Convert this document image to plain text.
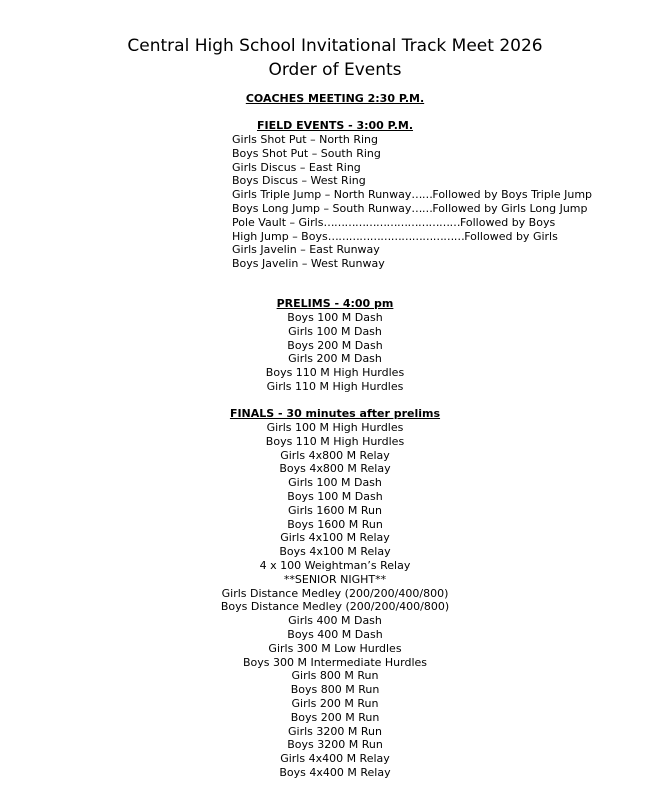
Central High School Invitational Track Meet 2026
Order of Events
COACHES MEETING 2:30 P.M.
FIELD EVENTS - 3:00 P.M.
Girls Shot Put – North Ring
Boys Shot Put – South Ring
Girls Discus – East Ring
Boys Discus – West Ring
Girls Triple Jump – North Runway……Followed by Boys Triple Jump
Boys Long Jump – South Runway……Followed by Girls Long Jump
Pole Vault – Girls…………………………………Followed by Boys
High Jump – Boys…………………………………Followed by Girls
Girls Javelin – East Runway
Boys Javelin – West Runway
PRELIMS - 4:00 pm
Boys 100 M Dash
Girls 100 M Dash
Boys 200 M Dash
Girls 200 M Dash
Boys 110 M High Hurdles
Girls 110 M High Hurdles
FINALS - 30 minutes after prelims
Girls 100 M High Hurdles
Boys 110 M High Hurdles
Girls 4x800 M Relay
Boys 4x800 M Relay
Girls 100 M Dash
Boys 100 M Dash
Girls 1600 M Run
Boys 1600 M Run
Girls 4x100 M Relay
Boys 4x100 M Relay
4 x 100 Weightman’s Relay
**SENIOR NIGHT**
Girls Distance Medley (200/200/400/800)
Boys Distance Medley (200/200/400/800)
Girls 400 M Dash
Boys 400 M Dash
Girls 300 M Low Hurdles
Boys 300 M Intermediate Hurdles
Girls 800 M Run
Boys 800 M Run
Girls 200 M Run
Boys 200 M Run
Girls 3200 M Run
Boys 3200 M Run
Girls 4x400 M Relay
Boys 4x400 M Relay
